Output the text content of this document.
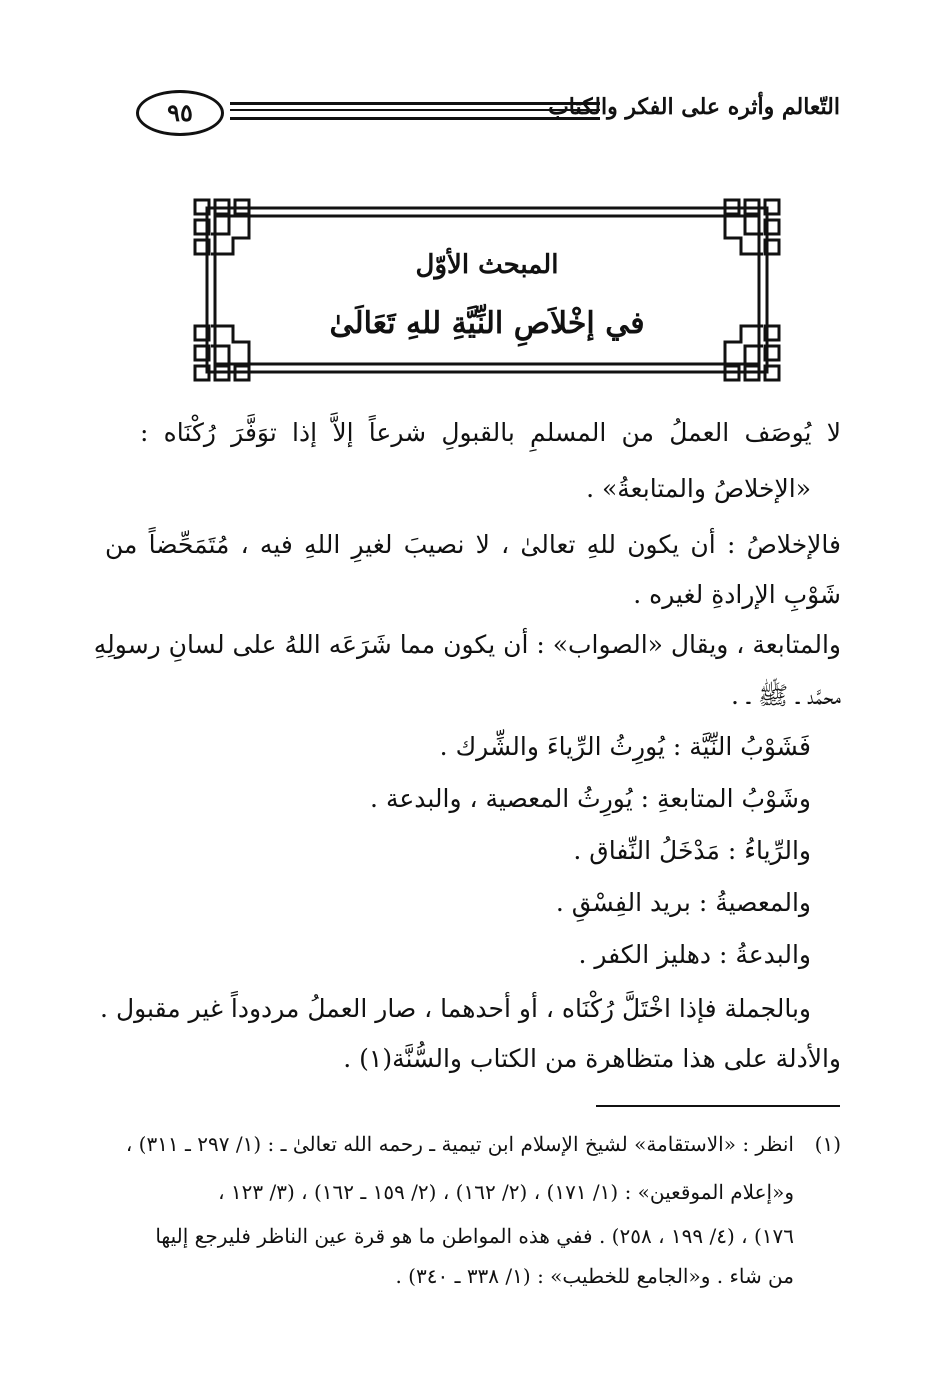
٩٥	التّعالم وأثره على الفكر والكتاب
المبحث الأوّل
في إخْلاَصِ النِّيَّةِ للهِ تَعَالَىٰ
لا يُوصَف العملُ من المسلمِ بالقبولِ شرعاً إلاَّ إذا توَفَّرَ رُكْنَاه :
«الإخلاصُ والمتابعةُ» .
فالإخلاصُ : أن يكون للهِ تعالىٰ ، لا نصيبَ لغيرِ اللهِ فيه ، مُتَمَحِّضاً من
شَوْبِ الإرادةِ لغيره .
والمتابعة ، ويقال «الصواب» : أن يكون مما شَرَعَه اللهُ على لسانِ رسولِهِ
محمَّد ـ ﷺ ـ .
فَشَوْبُ النِّيَّة : يُورِثُ الرِّياءَ والشِّرك .
وشَوْبُ المتابعةِ : يُورِثُ المعصية ، والبدعة .
والرِّياءُ : مَدْخَلُ النِّفاق .
والمعصيةُ : بريد الفِسْقِ .
والبدعةُ : دهليز الكفر .
وبالجملة فإذا اخْتَلَّ رُكْنَاه ، أو أحدهما ، صار العملُ مردوداً غير مقبول .
والأدلة على هذا متظاهرة من الكتاب والسُّنَّة(١) .
(١)
انظر : «الاستقامة» لشيخ الإسلام ابن تيمية ـ رحمه الله تعالىٰ ـ : (١/ ٢٩٧ ـ ٣١١) ،
و«إعلام الموقعين» : (١/ ١٧١) ، (٢/ ١٦٢) ، (٢/ ١٥٩ ـ ١٦٢) ، (٣/ ١٢٣ ،
١٧٦) ، (٤/ ١٩٩ ، ٢٥٨) . ففي هذه المواطن ما هو قرة عين الناظر فليرجع إليها
من شاء . و«الجامع للخطيب» : (١/ ٣٣٨ ـ ٣٤٠) .
